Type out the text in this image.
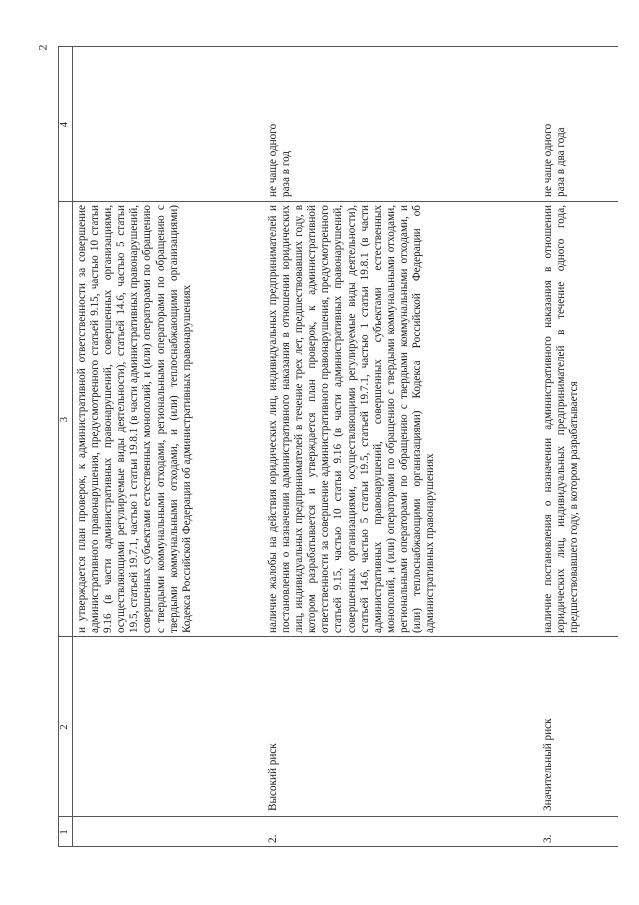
2
1
2
3
4
и утверждается план проверок, к административной ответственности за совершение административного правонарушения, предусмотренного статьей 9.15, частью 10 статьи 9.16 (в части административных правонарушений, совершенных организациями, осуществляющими регулируемые виды деятельности), статьей 14.6, частью 5 статьи 19.5, статьей 19.7.1, частью 1 статьи 19.8.1 (в части административных правонарушений, совершенных субъектами естественных монополий, и (или) операторами по обращению с твердыми коммунальными отходами, региональными операторами по обращению с твердыми коммунальными отходами, и (или) теплоснабжающими организациями) Кодекса Российской Федерации об административных правонарушениях
2.
Высокий риск
наличие жалобы на действия юридических лиц, индивидуальных предпринимателей и постановления о назначении административного наказания в отношении юридических лиц, индивидуальных предпринимателей в течение трех лет, предшествовавших году, в котором разрабатывается и утверждается план проверок, к административной ответственности за совершение административного правонарушения, предусмотренного статьей 9.15, частью 10 статьи 9.16 (в части административных правонарушений, совершенных организациями, осуществляющими регулируемые виды деятельности), статьей 14.6, частью 5 статьи 19.5, статьей 19.7.1, частью 1 статьи 19.8.1 (в части административных правонарушений, совершенных субъектами естественных монополий, и (или) операторами по обращению с твердыми коммунальными отходами, региональными операторами по обращению с твердыми коммунальными отходами, и (или) теплоснабжающими организациями) Кодекса Российской Федерации об административных правонарушениях
не чаще одного раза в год
3.
Значительный риск
наличие постановления о назначении административного наказания в отношении юридических лиц, индивидуальных предпринимателей в течение одного года, предшествовавшего году, в котором разрабатывается
не чаще одного раза в два года
